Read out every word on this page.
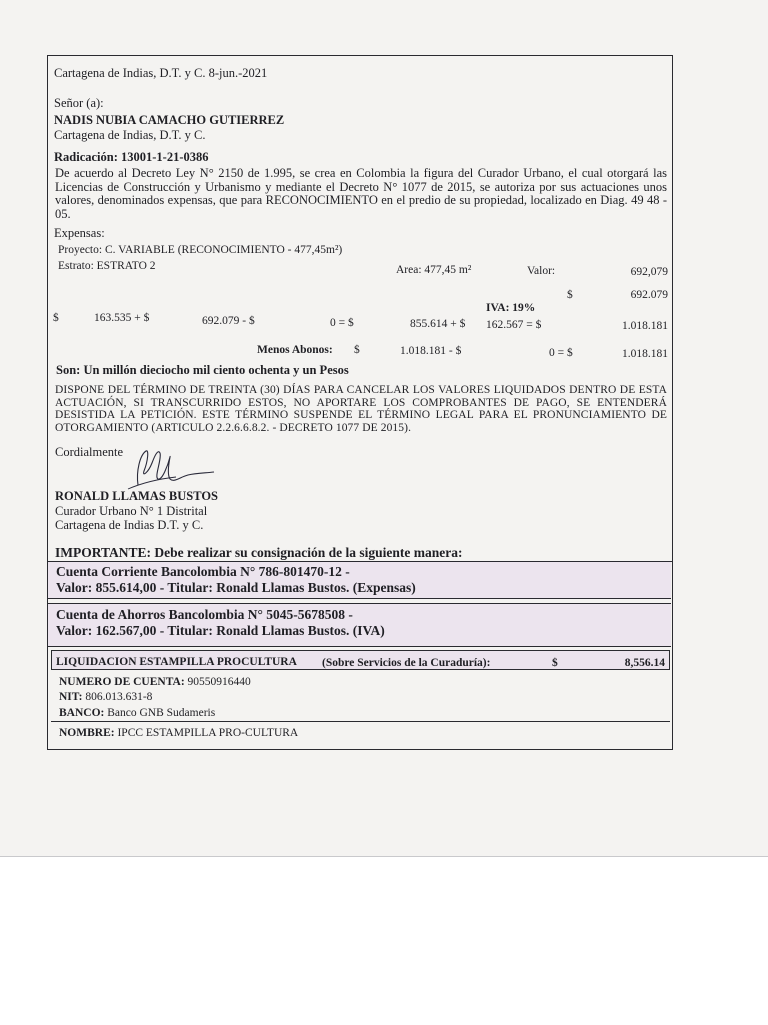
Cartagena de Indias, D.T. y C. 8-jun.-2021
Señor (a):
NADIS NUBIA CAMACHO GUTIERREZ
Cartagena de Indias, D.T. y C.
Radicación: 13001-1-21-0386
De acuerdo al Decreto Ley N° 2150 de 1.995, se crea en Colombia la figura del Curador Urbano, el cual otorgará las Licencias de Construcción y Urbanismo y mediante el Decreto N° 1077 de 2015, se autoriza por sus actuaciones unos valores, denominados expensas, que para RECONOCIMIENTO en el predio de su propiedad, localizado en Diag. 49 48 - 05.
Expensas:
Proyecto: C. VARIABLE (RECONOCIMIENTO - 477,45m²)
Estrato: ESTRATO 2	Area: 477,45 m²	Valor:	692,079
$	692.079
IVA: 19%
$	163.535 + $	692.079 - $	0 = $	855.614 + $ 162.567 = $	1.018.181
Menos Abonos: $	1.018.181 - $	0 = $	1.018.181
Son: Un millón dieciocho mil ciento ochenta y un Pesos
DISPONE DEL TÉRMINO DE TREINTA (30) DÍAS PARA CANCELAR LOS VALORES LIQUIDADOS DENTRO DE ESTA ACTUACIÓN, SI TRANSCURRIDO ESTOS, NO APORTARE LOS COMPROBANTES DE PAGO, SE ENTENDERÁ DESISTIDA LA PETICIÓN. ESTE TÉRMINO SUSPENDE EL TÉRMINO LEGAL PARA EL PRONUNCIAMIENTO DE OTORGAMIENTO (ARTICULO 2.2.6.6.8.2. - DECRETO 1077 DE 2015).
Cordialmente
RONALD LLAMAS BUSTOS
Curador Urbano N° 1 Distrital
Cartagena de Indias D.T. y C.
IMPORTANTE: Debe realizar su consignación de la siguiente manera:
Cuenta Corriente Bancolombia N° 786-801470-12 -
Valor: 855.614,00 - Titular: Ronald Llamas Bustos. (Expensas)
Cuenta de Ahorros Bancolombia N° 5045-5678508 -
Valor: 162.567,00 - Titular: Ronald Llamas Bustos. (IVA)
LIQUIDACION ESTAMPILLA PROCULTURA (Sobre Servicios de la Curaduría):	$	8,556.14
NUMERO DE CUENTA: 90550916440
NIT: 806.013.631-8
BANCO: Banco GNB Sudameris
NOMBRE: IPCC ESTAMPILLA PRO-CULTURA
